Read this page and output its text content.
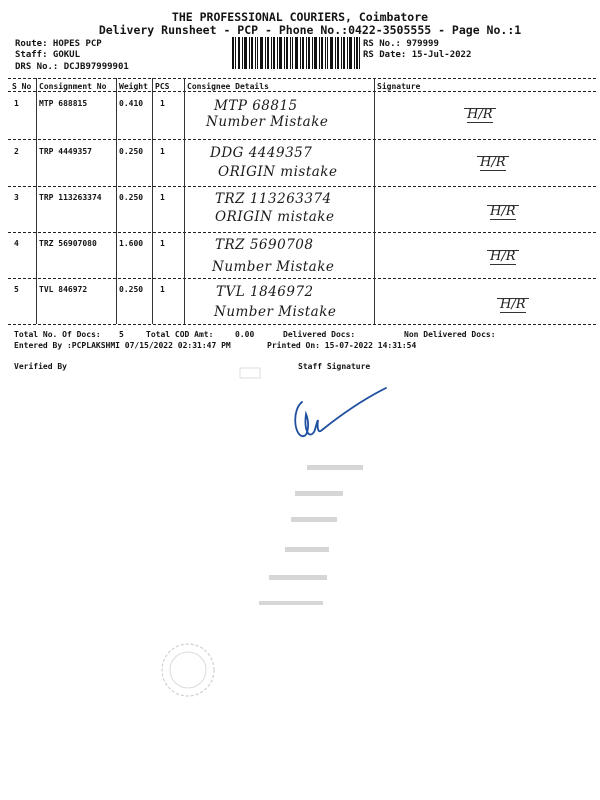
THE PROFESSIONAL COURIERS, Coimbatore
Delivery Runsheet - PCP - Phone No.:0422-3505555 - Page No.:1
Route: HOPES PCP
Staff: GOKUL
DRS No.: DCJB97999901
RS No.: 979999
RS Date: 15-Jul-2022
S No Consignment No Weight PCS Consignee Details	Signature
1	MTP 688815	0.410 1	MTP 68815
Number Mistake	H/R
2	TRP 4449357	0.250 1	DDG 4449357
ORIGIN mistake
H/R
3	TRP 113263374 0.250 1	TRZ 113263374
ORIGIN mistake	H/R
4	TRZ 56907080	1.600 1	TRZ 5690708
Number Mistake
H/R
5	TVL 846972	0.250 1	TVL 1846972
Number Mistake	H/R
Total No. Of Docs: 5	Total COD Amt:	0.00	Delivered Docs:	Non Delivered Docs:
Entered By :PCPLAKSHMI 07/15/2022 02:31:47 PM	Printed On: 15-07-2022 14:31:54
Verified By	Staff Signature
